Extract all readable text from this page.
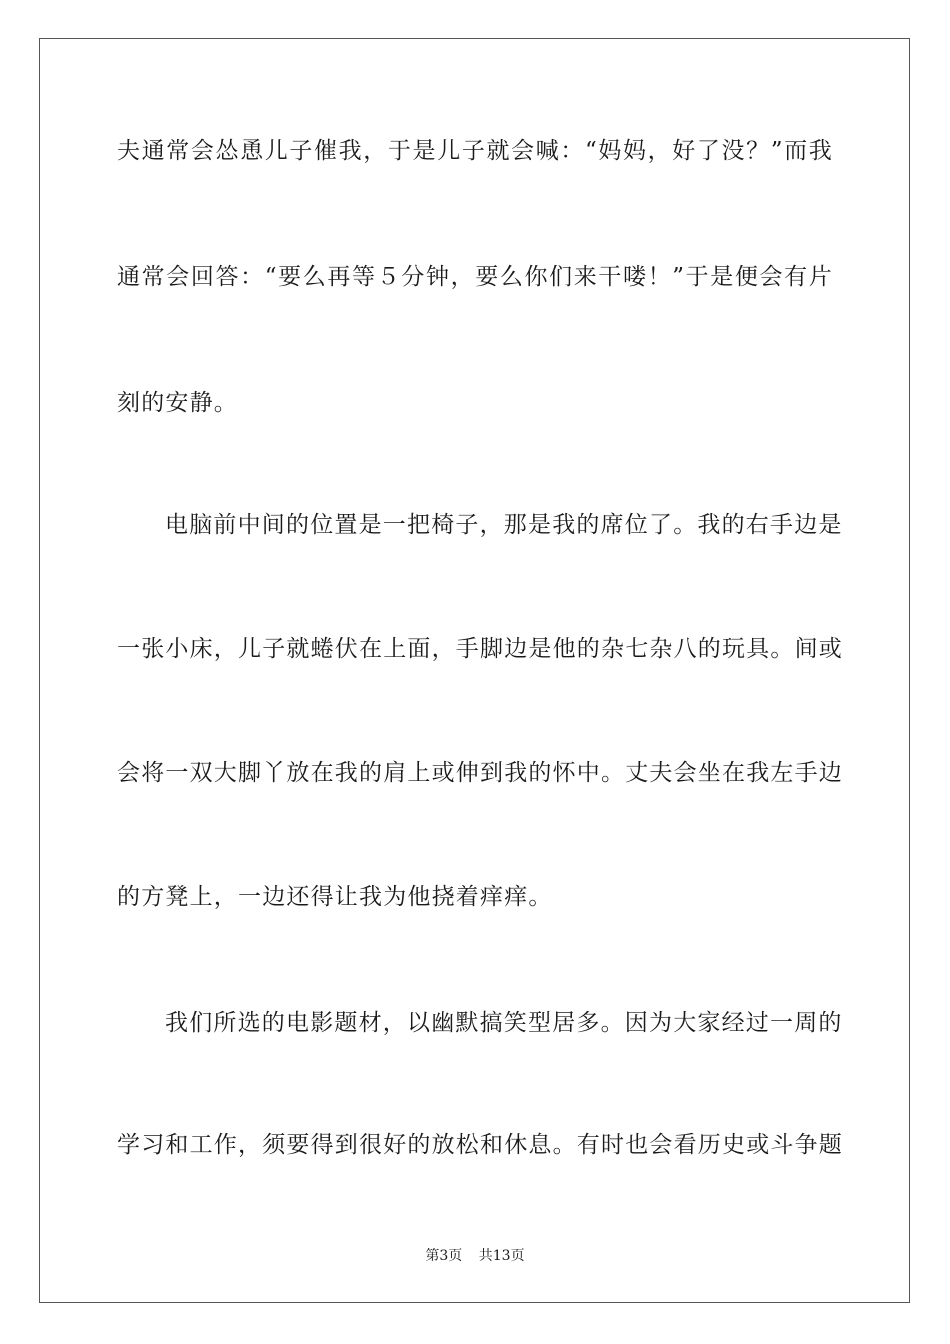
夫通常会怂恿儿子催我，于是儿子就会喊：“妈妈，好了没？”而我
通常会回答：“要么再等５分钟，要么你们来干喽！”于是便会有片
刻的安静。
电脑前中间的位置是一把椅子，那是我的席位了。我的右手边是
一张小床，儿子就蜷伏在上面，手脚边是他的杂七杂八的玩具。间或
会将一双大脚丫放在我的肩上或伸到我的怀中。丈夫会坐在我左手边
的方凳上，一边还得让我为他挠着痒痒。
我们所选的电影题材，以幽默搞笑型居多。因为大家经过一周的
学习和工作，须要得到很好的放松和休息。有时也会看历史或斗争题
第3页 共13页
